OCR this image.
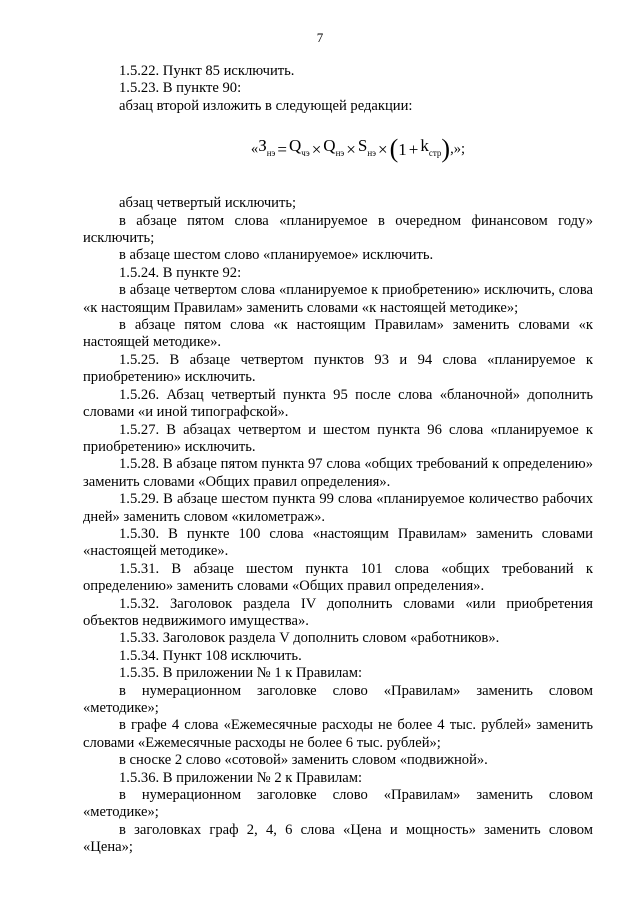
7

1.5.22. Пункт 85 исключить.

1.5.23. В пункте 90:

абзац второй изложить в следующей редакции:

« $З_{нэ} = Q_{чэ} \times Q_{нэ} \times S_{нэ}$ × ( $1 + k_{стр}$ ) ,»;

абзац четвертый исключить;

в абзаце пятом слова «планируемое в очередном финансовом году» исключить;

в абзаце шестом слово «планируемое» исключить.

1.5.24. В пункте 92:

в абзаце четвертом слова «планируемое к приобретению» исключить, слова «к настоящим Правилам» заменить словами «к настоящей методике»;

в абзаце пятом слова «к настоящим Правилам» заменить словами «к настоящей методике».

1.5.25. В абзаце четвертом пунктов 93 и 94 слова «планируемое к приобретению» исключить.

1.5.26. Абзац четвертый пункта 95 после слова «бланочной» дополнить словами «и иной типографской».

1.5.27. В абзацах четвертом и шестом пункта 96 слова «планируемое к приобретению» исключить.

1.5.28. В абзаце пятом пункта 97 слова «общих требований к определению» заменить словами «Общих правил определения».

1.5.29. В абзаце шестом пункта 99 слова «планируемое количество рабочих дней» заменить словом «километраж».

1.5.30. В пункте 100 слова «настоящим Правилам» заменить словами «настоящей методике».

1.5.31. В абзаце шестом пункта 101 слова «общих требований к определению» заменить словами «Общих правил определения».

1.5.32. Заголовок раздела IV дополнить словами «или приобретения объектов недвижимого имущества».

1.5.33. Заголовок раздела V дополнить словом «работников».

1.5.34. Пункт 108 исключить.

1.5.35. В приложении № 1 к Правилам:

в нумерационном заголовке слово «Правилам» заменить словом «методике»;

в графе 4 слова «Ежемесячные расходы не более 4 тыс. рублей» заменить словами «Ежемесячные расходы не более 6 тыс. рублей»;

в сноске 2 слово «сотовой» заменить словом «подвижной».

1.5.36. В приложении № 2 к Правилам:

в нумерационном заголовке слово «Правилам» заменить словом «методике»;

в заголовках граф 2, 4, 6 слова «Цена и мощность» заменить словом «Цена»;
